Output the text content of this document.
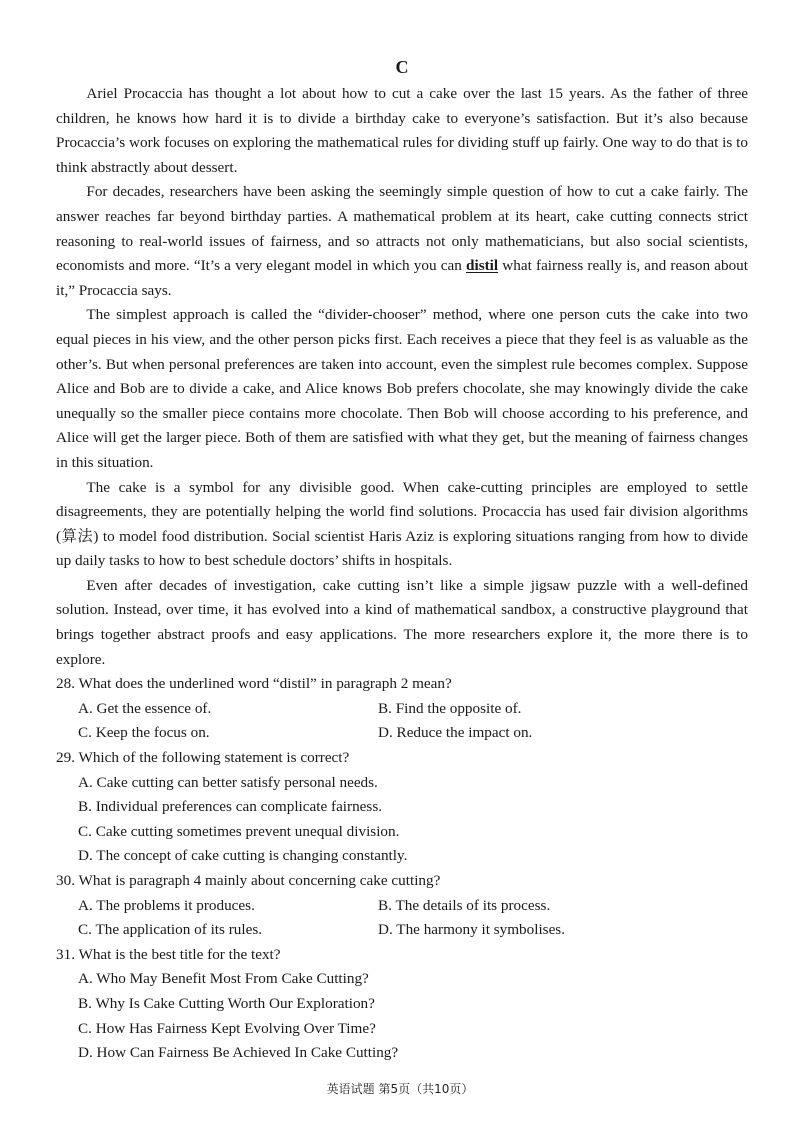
C

Ariel Procaccia has thought a lot about how to cut a cake over the last 15 years. As the father of three children, he knows how hard it is to divide a birthday cake to everyone’s satisfaction. But it’s also because Procaccia’s work focuses on exploring the mathematical rules for dividing stuff up fairly. One way to do that is to think abstractly about dessert.

For decades, researchers have been asking the seemingly simple question of how to cut a cake fairly. The answer reaches far beyond birthday parties. A mathematical problem at its heart, cake cutting connects strict reasoning to real-world issues of fairness, and so attracts not only mathematicians, but also social scientists, economists and more. “It’s a very elegant model in which you can distil what fairness really is, and reason about it,” Procaccia says.

The simplest approach is called the “divider-chooser” method, where one person cuts the cake into two equal pieces in his view, and the other person picks first. Each receives a piece that they feel is as valuable as the other’s. But when personal preferences are taken into account, even the simplest rule becomes complex. Suppose Alice and Bob are to divide a cake, and Alice knows Bob prefers chocolate, she may knowingly divide the cake unequally so the smaller piece contains more chocolate. Then Bob will choose according to his preference, and Alice will get the larger piece. Both of them are satisfied with what they get, but the meaning of fairness changes in this situation.

The cake is a symbol for any divisible good. When cake-cutting principles are employed to settle disagreements, they are potentially helping the world find solutions. Procaccia has used fair division algorithms (算法) to model food distribution. Social scientist Haris Aziz is exploring situations ranging from how to divide up daily tasks to how to best schedule doctors’ shifts in hospitals.

Even after decades of investigation, cake cutting isn’t like a simple jigsaw puzzle with a well-defined solution. Instead, over time, it has evolved into a kind of mathematical sandbox, a constructive playground that brings together abstract proofs and easy applications. The more researchers explore it, the more there is to explore.

28. What does the underlined word “distil” in paragraph 2 mean?
A. Get the essence of.	B. Find the opposite of.
C. Keep the focus on.	D. Reduce the impact on.
29. Which of the following statement is correct?
A. Cake cutting can better satisfy personal needs.
B. Individual preferences can complicate fairness.
C. Cake cutting sometimes prevent unequal division.
D. The concept of cake cutting is changing constantly.
30. What is paragraph 4 mainly about concerning cake cutting?
A. The problems it produces.	B. The details of its process.
C. The application of its rules.	D. The harmony it symbolises.
31. What is the best title for the text?
A. Who May Benefit Most From Cake Cutting?
B. Why Is Cake Cutting Worth Our Exploration?
C. How Has Fairness Kept Evolving Over Time?
D. How Can Fairness Be Achieved In Cake Cutting?
英语试题 第5页（共10页）
